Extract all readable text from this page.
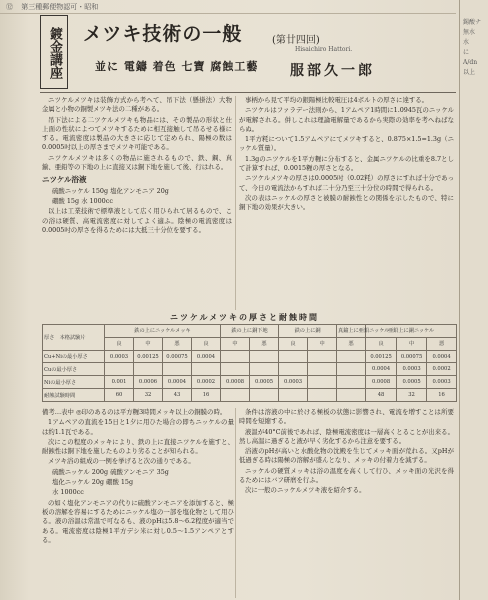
⑫ 第三種郵便物認可・昭和
鍍金講座	メツキ技術の一般	(第廿四回)
Hisaichiro Hattori.
並に 電鑄 着色 七寶 腐蝕工藝 服部久一郎

ニツケルメツキは装飾方式から考へて、吊下法（懸掛法）大物金属と小物の銅製メツキ法の二種がある。

吊下法による二ツケルメツキも物品には、その製品の形状と仕上面の性状によつてメツキするために相互接触して吊るせる様にする。電流密度は製品の大きさに応じて定められ、陽極の数は0.0005吋以上の厚さまでメツキ可能である。

ニツケルメツキは多くの物品に施されるもので、鉄、鋼、真鍮、亜鉛等の下地の上に直接又は銅下地を施して後、行はれる。

ニツケル浴液

硫酸ニッケル 150g 塩化アンモニア 20g

硼酸 15g 水 1000cc

以上は工業技術で標準液として広く用ひられて居るもので、この浴は硬質、高電流密度に対してよく適ふ。陰極の電流密度は0.0005吋の厚さを得るためには大抵三十分位を要する。

事柄から見て平均の銀陽極比較電圧は4ボルトの厚さに達する。

ニツケルはファラデー法則から、1アムペア1時間に1.0945瓦のニッケルが電解される。併しこれは理論電解量であるから実際の効率を考へねばならぬ。

1平方粍について1.5アムペアにてメツキすると、0.875×1.5=1.3g（ニッケル質量）。

1.3gのニツケルを1平方糎に分布すると、金属ニツケルの比重を8.7として計算すれば、0.0015糎の厚さとなる。

ニツケルメツキの厚さは0.0005吋（0.02粍）の厚さにすれば十分であって、今日の電流法からすれば二十分乃至三十分位の時間で得られる。

次の表はニッケルの厚さと被膜の耐蝕性との関係を示したもので、特に銅下地の効果が大きい。

ニツケルメツキの厚さと耐蝕時間
厚さ　本格試験片	鉄の上にニッケルメッキ				鉄の上に銅下地		鉄の上に銅		真鍮上に亜鉛ニッケル	亜鉛上に銅ニッケル		
	良	中	悪	良	中	悪	良	中	悪	良	中	悪
Cu+Niの最小厚さ	0.0003	0.00125	0.00075	0.0004						0.00125	0.00075	0.0004
Cuの最小厚さ										0.0004	0.0003	0.0002
Niの最小厚さ	0.001	0.0006	0.0004	0.0002	0.0008	0.0005	0.0003			0.0008	0.0005	0.0003
耐蝕試験時間	60	32	43	16						48	32	16

備考…表中 ◎印のあるのは平方糎3時間メッキ以上の銅膜の時。

1アムペアの直流を15日と1夕に用ひた場合の即ちニッケルの量は約1.1瓦である。

次にこの程度のメッキにより、鉄の上に直接ニツケルを施すと、耐蝕性は銅下地を施したものより劣ることが知られる。

メツキ浴の組成の一例を挙げると次の通りである。

硫酸ニッケル 200g 硫酸アンモニア 35g

塩化ニッケル 20g 硼酸 15g

水 1000cc

の如く塩化アンモニアの代りに硫酸アンモニアを添加すると、極板の溶解を容易にするためにニッケル塩の一部を塩化物として用ひる。液の浴温は常温で可なるも、液のpHは5.8〜6.2程度が適当である。電流密度は陰極1平方デシ米に対し0.5〜1.5アンペアとする。

条件は溶液の中に於ける極板の状態に影響され、電流を増すことは所要時間を短縮する。

液温が40°C前後であれば、陰極電流密度は一層高くとることが出来る。然し高温に過ぎると液が早く劣化するから注意を要する。

浴液のpHが高いと水酸化物の沈殿を生じてメッキ面が荒れる。又pHが低過ぎる時は陽極の溶解が盛んとなり、メッキの付着力を減ずる。

ニッケルの硬質メッキは浴の温度を高くして行ひ、メッキ面の光沢を得るためにはバフ研磨を行ふ。

次に一般のニッケルメツキ液を紹介する。

錫酸ナ
無水
水
に
A/dn
以上
